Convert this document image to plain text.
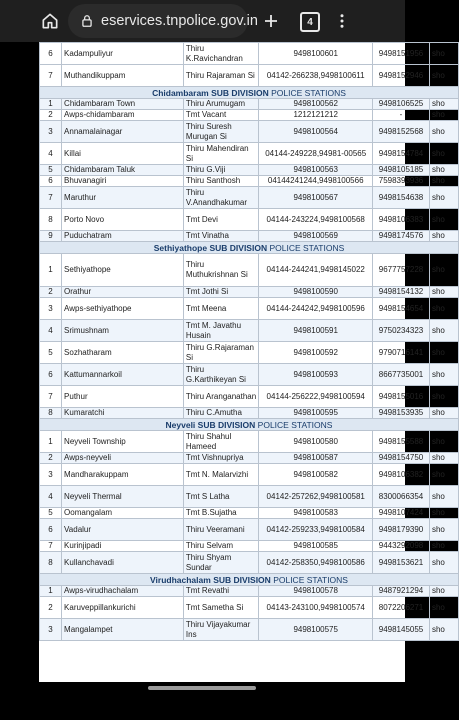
eservices.tnpolice.gov.in	4
6	Kadampuliyur	Thiru K.Ravichandran	9498100601	9498151956	sho
7	Muthandikuppam	Thiru Rajaraman Si	04142-266238,9498100611	9498152946	sho
Chidambaram SUB DIVISION POLICE STATIONS					
1	Chidambaram Town	Thiru Arumugam	9498100562	9498106525	sho
2	Awps-chidambaram	Tmt Vacant	1212121212	-	sho
3	Annamalainagar	Thiru Suresh Murugan Si	9498100564	9498152568	sho
4	Killai	Thiru Mahendiran Si	04144-249228,94981-00565	9498154784	sho
5	Chidambaram Taluk	Thiru G.Viji	9498100563	9498105185	sho
6	Bhuvanagiri	Thiru Santhosh	04144241244,9498100566	7598393936	sho
7	Maruthur	Thiru V.Anandhakumar	9498100567	9498154638	sho
8	Porto Novo	Tmt Devi	04144-243224,9498100568	9498106383	sho
9	Puduchatram	Tmt Vinatha	9498100569	9498174576	sho
Sethiyathope SUB DIVISION POLICE STATIONS					
1	Sethiyathope	Thiru Muthukrishnan Si	04144-244241,9498145022	9677757228	sho
2	Orathur	Tmt Jothi Si	9498100590	9498154132	sho
3	Awps-sethiyathope	Tmt Meena	04144-244242,9498100596	9498154654	sho
4	Srimushnam	Tmt M. Javathu Husain	9498100591	9750234323	sho
5	Sozhatharam	Thiru G.Rajaraman Si	9498100592	9790716141	sho
6	Kattumannarkoil	Thiru G.Karthikeyan Si	9498100593	8667735001	sho
7	Puthur	Thiru Aranganathan	04144-256222,9498100594	9498155016	sho
8	Kumaratchi	Thiru C.Amutha	9498100595	9498153935	sho
Neyveli SUB DIVISION POLICE STATIONS					
1	Neyveli Township	Thiru Shahul Hameed	9498100580	9498155588	sho
2	Awps-neyveli	Tmt Vishnupriya	9498100587	9498154750	sho
3	Mandharakuppam	Tmt N. Malarvizhi	9498100582	9498106382	sho
4	Neyveli Thermal	Tmt S Latha	04142-257262,9498100581	8300066354	sho
5	Oomangalam	Tmt B.Sujatha	9498100583	9498107424	sho
6	Vadalur	Thiru Veeramani	04142-259233,9498100584	9498179390	sho
7	Kurinjipadi	Thiru Selvam	9498100585	9443292098	sho
8	Kullanchavadi	Thiru Shyam Sundar	04142-258350,9498100586	9498153621	sho
Virudhachalam SUB DIVISION POLICE STATIONS					
1	Awps-virudhachalam	Tmt Revathi	9498100578	9487921294	sho
2	Karuveppillankurichi	Tmt Sametha Si	04143-243100,9498100574	8072206271	sho
3	Mangalampet	Thiru Vijayakumar Ins	9498100575	9498145055	sho
